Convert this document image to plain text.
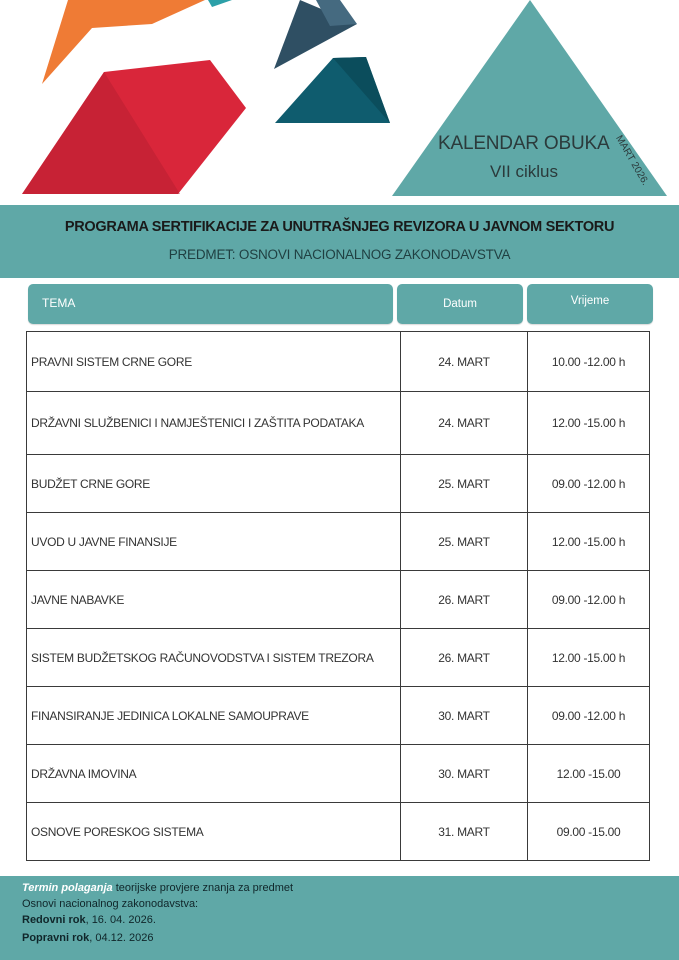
KALENDAR OBUKA
VII ciklus	MART 2026.
PROGRAMA SERTIFIKACIJE ZA UNUTRAŠNJEG REVIZORA U JAVNOM SEKTORU
PREDMET: OSNOVI NACIONALNOG ZAKONODAVSTVA
TEMA	Datum	Vrijeme
PRAVNI SISTEM CRNE GORE	24. MART	10.00 -12.00 h
DRŽAVNI SLUŽBENICI I NAMJEŠTENICI I ZAŠTITA PODATAKA	24. MART	12.00 -15.00 h
BUDŽET CRNE GORE	25. MART	09.00 -12.00 h
UVOD U JAVNE FINANSIJE	25. MART	12.00 -15.00 h
JAVNE NABAVKE	26. MART	09.00 -12.00 h
SISTEM BUDŽETSKOG RAČUNOVODSTVA I SISTEM TREZORA	26. MART	12.00 -15.00 h
FINANSIRANJE JEDINICA LOKALNE SAMOUPRAVE	30. MART	09.00 -12.00 h
DRŽAVNA IMOVINA	30. MART	12.00 -15.00
OSNOVE PORESKOG SISTEMA	31. MART	09.00 -15.00
Termin polaganja teorijske provjere znanja za predmet
Osnovi nacionalnog zakonodavstva:
Redovni rok, 16. 04. 2026.
Popravni rok, 04.12. 2026
